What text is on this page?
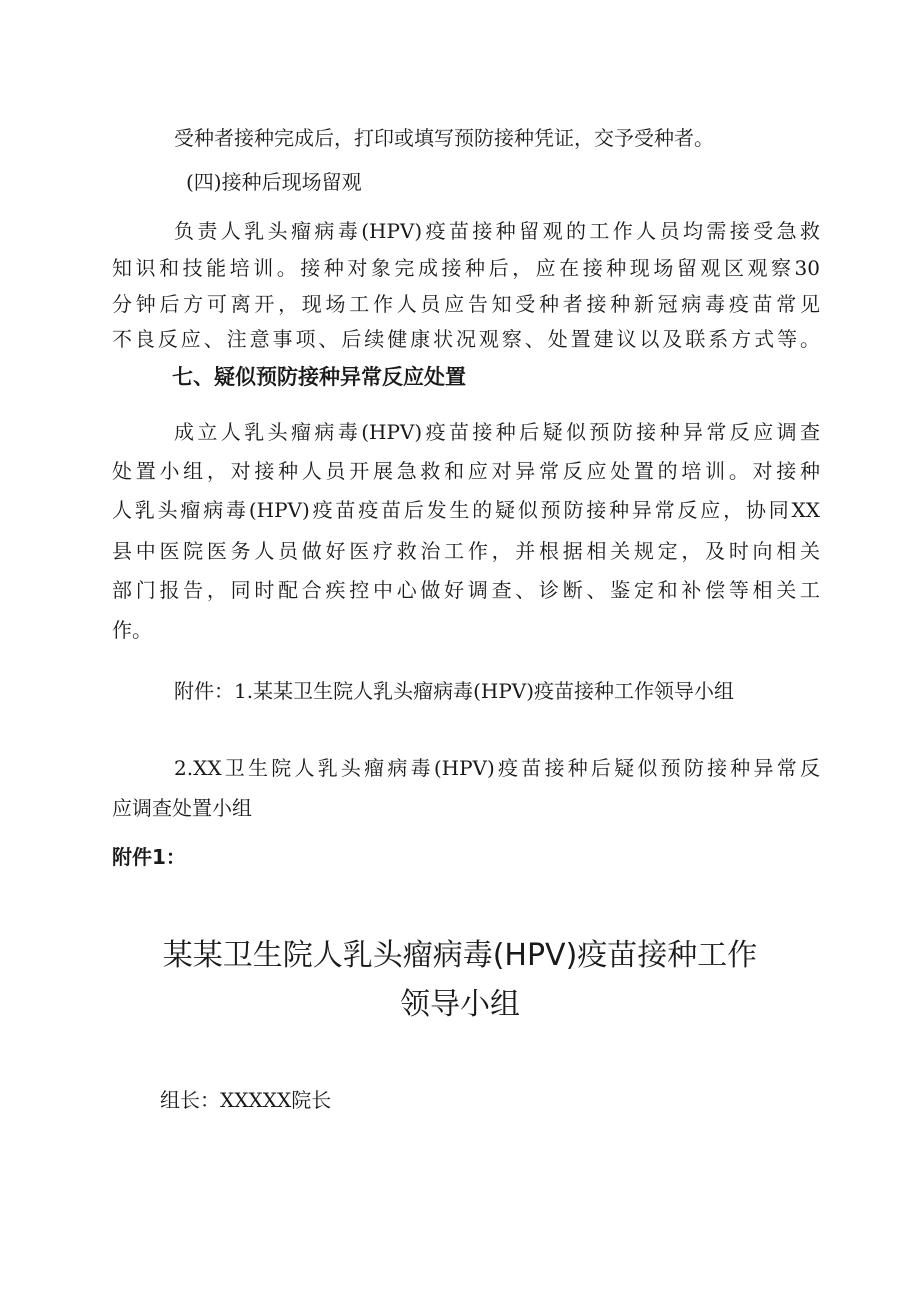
受种者接种完成后，打印或填写预防接种凭证，交予受种者。
(四)接种后现场留观
负责人乳头瘤病毒(HPV)疫苗接种留观的工作人员均需接受急救
知识和技能培训。接种对象完成接种后，应在接种现场留观区观察30
分钟后方可离开，现场工作人员应告知受种者接种新冠病毒疫苗常见
不良反应、注意事项、后续健康状况观察、处置建议以及联系方式等。
七、疑似预防接种异常反应处置
成立人乳头瘤病毒(HPV)疫苗接种后疑似预防接种异常反应调查
处置小组，对接种人员开展急救和应对异常反应处置的培训。对接种
人乳头瘤病毒(HPV)疫苗疫苗后发生的疑似预防接种异常反应，协同XX
县中医院医务人员做好医疗救治工作，并根据相关规定，及时向相关
部门报告，同时配合疾控中心做好调查、诊断、鉴定和补偿等相关工
作。
附件：1.某某卫生院人乳头瘤病毒(HPV)疫苗接种工作领导小组
2.XX卫生院人乳头瘤病毒(HPV)疫苗接种后疑似预防接种异常反
应调查处置小组
附件1：
某某卫生院人乳头瘤病毒(HPV)疫苗接种工作
领导小组
组长：XXXXX院长
